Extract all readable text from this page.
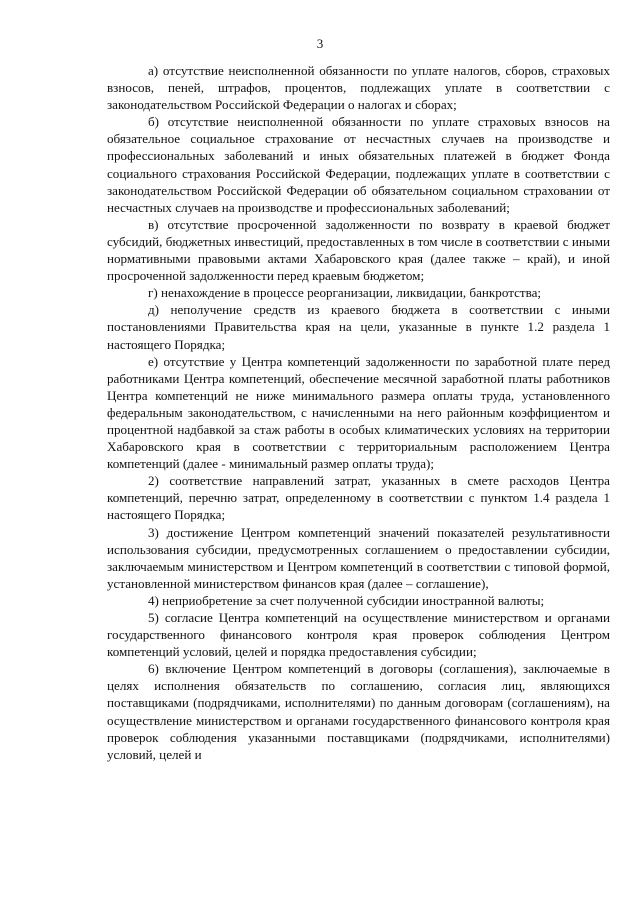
3

а) отсутствие неисполненной обязанности по уплате налогов, сборов, страховых взносов, пеней, штрафов, процентов, подлежащих уплате в соответствии с законодательством Российской Федерации о налогах и сборах;

б) отсутствие неисполненной обязанности по уплате страховых взносов на обязательное социальное страхование от несчастных случаев на производстве и профессиональных заболеваний и иных обязательных платежей в бюджет Фонда социального страхования Российской Федерации, подлежащих уплате в соответствии с законодательством Российской Федерации об обязательном социальном страховании от несчастных случаев на производстве и профессиональных заболеваний;

в) отсутствие просроченной задолженности по возврату в краевой бюджет субсидий, бюджетных инвестиций, предоставленных в том числе в соответствии с иными нормативными правовыми актами Хабаровского края (далее также – край), и иной просроченной задолженности перед краевым бюджетом;

г) ненахождение в процессе реорганизации, ликвидации, банкротства;

д) неполучение средств из краевого бюджета в соответствии с иными постановлениями Правительства края на цели, указанные в пункте 1.2 раздела 1 настоящего Порядка;

е) отсутствие у Центра компетенций задолженности по заработной плате перед работниками Центра компетенций, обеспечение месячной заработной платы работников Центра компетенций не ниже минимального размера оплаты труда, установленного федеральным законодательством, с начисленными на него районным коэффициентом и процентной надбавкой за стаж работы в особых климатических условиях на территории Хабаровского края в соответствии с территориальным расположением Центра компетенций (далее - минимальный размер оплаты труда);

2) соответствие направлений затрат, указанных в смете расходов Центра компетенций, перечню затрат, определенному в соответствии с пунктом 1.4 раздела 1 настоящего Порядка;

3) достижение Центром компетенций значений показателей результативности использования субсидии, предусмотренных соглашением о предоставлении субсидии, заключаемым министерством и Центром компетенций в соответствии с типовой формой, установленной министерством финансов края (далее – соглашение),

4) неприобретение за счет полученной субсидии иностранной валюты;

5) согласие Центра компетенций на осуществление министерством и органами государственного финансового контроля края проверок соблюдения Центром компетенций условий, целей и порядка предоставления субсидии;

6) включение Центром компетенций в договоры (соглашения), заключаемые в целях исполнения обязательств по соглашению, согласия лиц, являющихся поставщиками (подрядчиками, исполнителями) по данным договорам (соглашениям), на осуществление министерством и органами государственного финансового контроля края проверок соблюдения указанными поставщиками (подрядчиками, исполнителями) условий, целей и
